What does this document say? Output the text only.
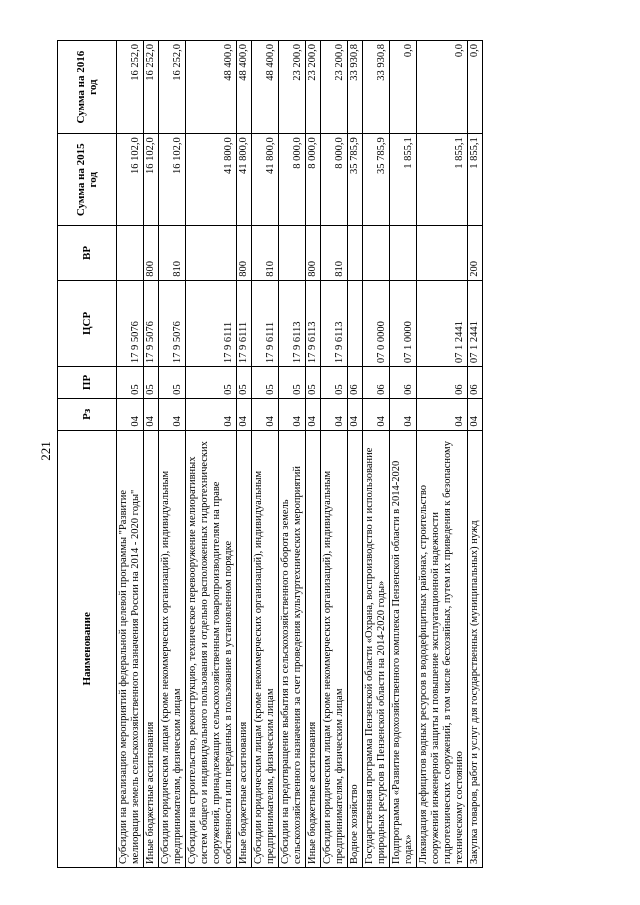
221
Наименование	Рз	ПР	ЦСР	ВР	Сумма на 2015 год	Сумма на 2016 год
Субсидии на реализацию мероприятий федеральной целевой программы "Развитие мелиорации земель сельскохозяйственного назначения России на 2014 - 2020 годы"	04	05	17 9 5076		16 102,0	16 252,0
Иные бюджетные ассигнования	04	05	17 9 5076	800	16 102,0	16 252,0
Субсидии юридическим лицам (кроме некоммерческих организаций), индивидуальным предпринимателям, физическим лицам	04	05	17 9 5076	810	16 102,0	16 252,0
Субсидии на строительство, реконструкцию, техническое перевооружение мелиоративных систем общего и индивидуального пользования и отдельно расположенных гидротехнических сооружений, принадлежащих сельскохозяйственным товаропроизводителям на праве собственности или переданных в пользование в установленном порядке	04	05	17 9 6111		41 800,0	48 400,0
Иные бюджетные ассигнования	04	05	17 9 6111	800	41 800,0	48 400,0
Субсидии юридическим лицам (кроме некоммерческих организаций), индивидуальным предпринимателям, физическим лицам	04	05	17 9 6111	810	41 800,0	48 400,0
Субсидии на предотвращение выбытия из сельскохозяйственного оборота земель сельскохозяйственного назначения за счет проведения культуртехнических мероприятий	04	05	17 9 6113		8 000,0	23 200,0
Иные бюджетные ассигнования	04	05	17 9 6113	800	8 000,0	23 200,0
Субсидии юридическим лицам (кроме некоммерческих организаций), индивидуальным предпринимателям, физическим лицам	04	05	17 9 6113	810	8 000,0	23 200,0
Водное хозяйство	04	06			35 785,9	33 930,8
Государственная программа Пензенской области «Охрана, воспроизводство и использование природных ресурсов в Пензенской области на 2014-2020 годы»	04	06	07 0 0000		35 785,9	33 930,8
Подпрограмма «Развитие водохозяйственного комплекса Пензенской области в 2014-2020 годах»	04	06	07 1 0000		1 855,1	0,0
Ликвидация дефицитов водных ресурсов в вододефицитных районах, строительство сооружений инженерной защиты и повышение эксплуатационной надежности гидротехнических сооружений, в том числе бесхозяйных, путем их приведения к безопасному техническому состоянию	04	06	07 1 2441		1 855,1	0,0
Закупка товаров, работ и услуг для государственных (муниципальных) нужд	04	06	07 1 2441	200	1 855,1	0,0
